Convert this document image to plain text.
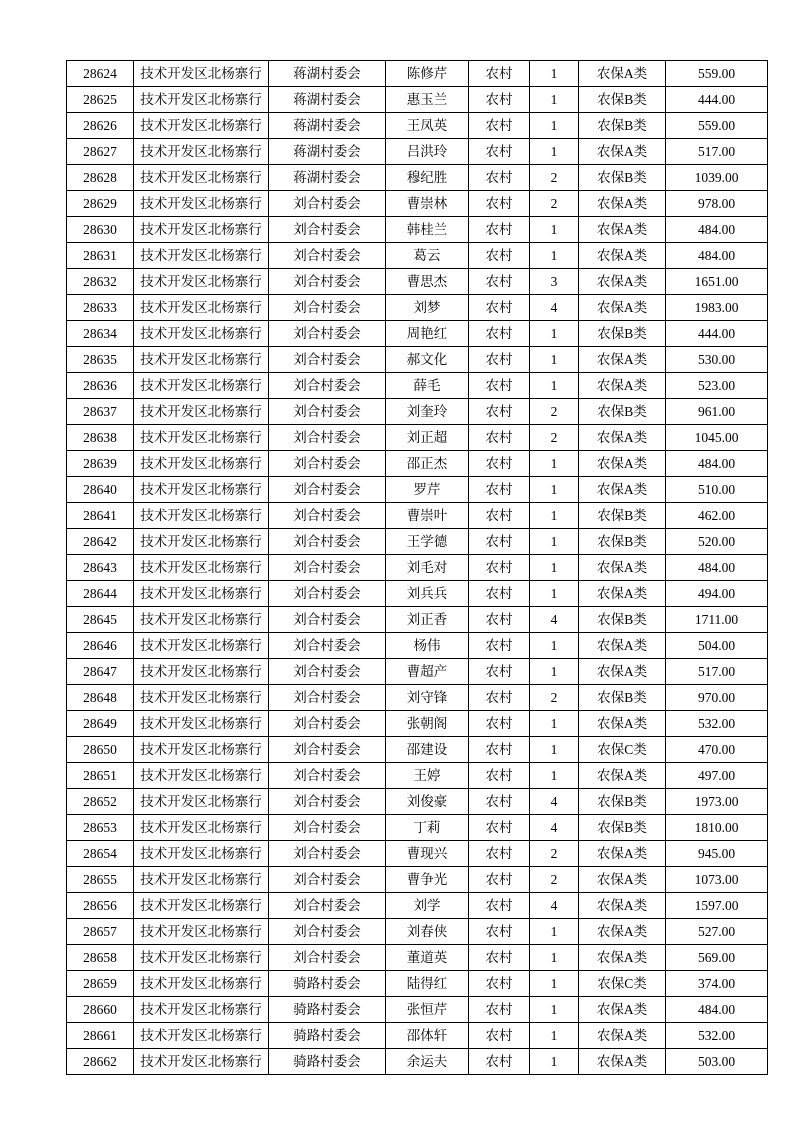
28624	技术开发区北杨寨行	蒋湖村委会	陈修芹	农村	1	农保A类	559.00
28625	技术开发区北杨寨行	蒋湖村委会	惠玉兰	农村	1	农保B类	444.00
28626	技术开发区北杨寨行	蒋湖村委会	王凤英	农村	1	农保B类	559.00
28627	技术开发区北杨寨行	蒋湖村委会	吕洪玲	农村	1	农保A类	517.00
28628	技术开发区北杨寨行	蒋湖村委会	穆纪胜	农村	2	农保B类	1039.00
28629	技术开发区北杨寨行	刘合村委会	曹崇林	农村	2	农保A类	978.00
28630	技术开发区北杨寨行	刘合村委会	韩桂兰	农村	1	农保A类	484.00
28631	技术开发区北杨寨行	刘合村委会	葛云	农村	1	农保A类	484.00
28632	技术开发区北杨寨行	刘合村委会	曹思杰	农村	3	农保A类	1651.00
28633	技术开发区北杨寨行	刘合村委会	刘梦	农村	4	农保A类	1983.00
28634	技术开发区北杨寨行	刘合村委会	周艳红	农村	1	农保B类	444.00
28635	技术开发区北杨寨行	刘合村委会	郝文化	农村	1	农保A类	530.00
28636	技术开发区北杨寨行	刘合村委会	薛毛	农村	1	农保A类	523.00
28637	技术开发区北杨寨行	刘合村委会	刘奎玲	农村	2	农保B类	961.00
28638	技术开发区北杨寨行	刘合村委会	刘正超	农村	2	农保A类	1045.00
28639	技术开发区北杨寨行	刘合村委会	邵正杰	农村	1	农保A类	484.00
28640	技术开发区北杨寨行	刘合村委会	罗芹	农村	1	农保A类	510.00
28641	技术开发区北杨寨行	刘合村委会	曹崇叶	农村	1	农保B类	462.00
28642	技术开发区北杨寨行	刘合村委会	王学德	农村	1	农保B类	520.00
28643	技术开发区北杨寨行	刘合村委会	刘毛对	农村	1	农保A类	484.00
28644	技术开发区北杨寨行	刘合村委会	刘兵兵	农村	1	农保A类	494.00
28645	技术开发区北杨寨行	刘合村委会	刘正香	农村	4	农保B类	1711.00
28646	技术开发区北杨寨行	刘合村委会	杨伟	农村	1	农保A类	504.00
28647	技术开发区北杨寨行	刘合村委会	曹超产	农村	1	农保A类	517.00
28648	技术开发区北杨寨行	刘合村委会	刘守锋	农村	2	农保B类	970.00
28649	技术开发区北杨寨行	刘合村委会	张朝阁	农村	1	农保A类	532.00
28650	技术开发区北杨寨行	刘合村委会	邵建设	农村	1	农保C类	470.00
28651	技术开发区北杨寨行	刘合村委会	王婷	农村	1	农保A类	497.00
28652	技术开发区北杨寨行	刘合村委会	刘俊豪	农村	4	农保B类	1973.00
28653	技术开发区北杨寨行	刘合村委会	丁莉	农村	4	农保B类	1810.00
28654	技术开发区北杨寨行	刘合村委会	曹现兴	农村	2	农保A类	945.00
28655	技术开发区北杨寨行	刘合村委会	曹争光	农村	2	农保A类	1073.00
28656	技术开发区北杨寨行	刘合村委会	刘学	农村	4	农保A类	1597.00
28657	技术开发区北杨寨行	刘合村委会	刘春侠	农村	1	农保A类	527.00
28658	技术开发区北杨寨行	刘合村委会	董道英	农村	1	农保A类	569.00
28659	技术开发区北杨寨行	骑路村委会	陆得红	农村	1	农保C类	374.00
28660	技术开发区北杨寨行	骑路村委会	张恒芹	农村	1	农保A类	484.00
28661	技术开发区北杨寨行	骑路村委会	邵体轩	农村	1	农保A类	532.00
28662	技术开发区北杨寨行	骑路村委会	余运夫	农村	1	农保A类	503.00
